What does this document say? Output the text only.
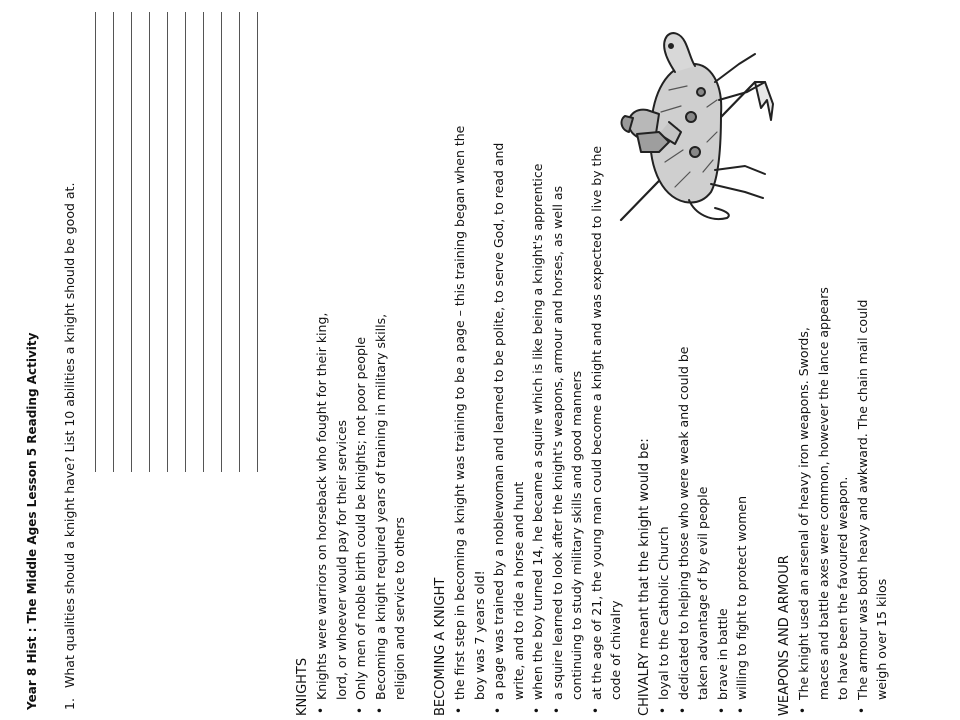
Year 8 Hist : The Middle Ages Lesson 5 Reading Activity 1.What qualities should a knight have? List 10 abilities a knight should be good at.	KNIGHTS • Knights were warriors on horseback who fought for their king, lord, or whoever would pay for their services • Only men of noble birth could be knights; not poor people • Becoming a knight required years of training in military skills, religion and service to others BECOMING A KNIGHT • the first step in becoming a knight was training to be a page – this training began when the boy was 7 years old! • a page was trained by a noblewoman and learned to be polite, to serve God, to read and write, and to ride a horse and hunt • when the boy turned 14, he became a squire which is like being a knight's apprentice • a squire learned to look after the knight's weapons, armour and horses, as well as continuing to study military skills and good manners • at the age of 21, the young man could become a knight and was expected to live by the code of chivalry CHIVALRY meant that the knight would be: • loyal to the Catholic Church • dedicated to helping those who were weak and could be taken advantage of by evil people • brave in battle • willing to fight to protect women WEAPONS AND ARMOUR • The knight used an arsenal of heavy iron weapons. Swords, maces and battle axes were common, however the lance appears to have been the favoured weapon. • The armour was both heavy and awkward. The chain mail could weigh over 15 kilos
